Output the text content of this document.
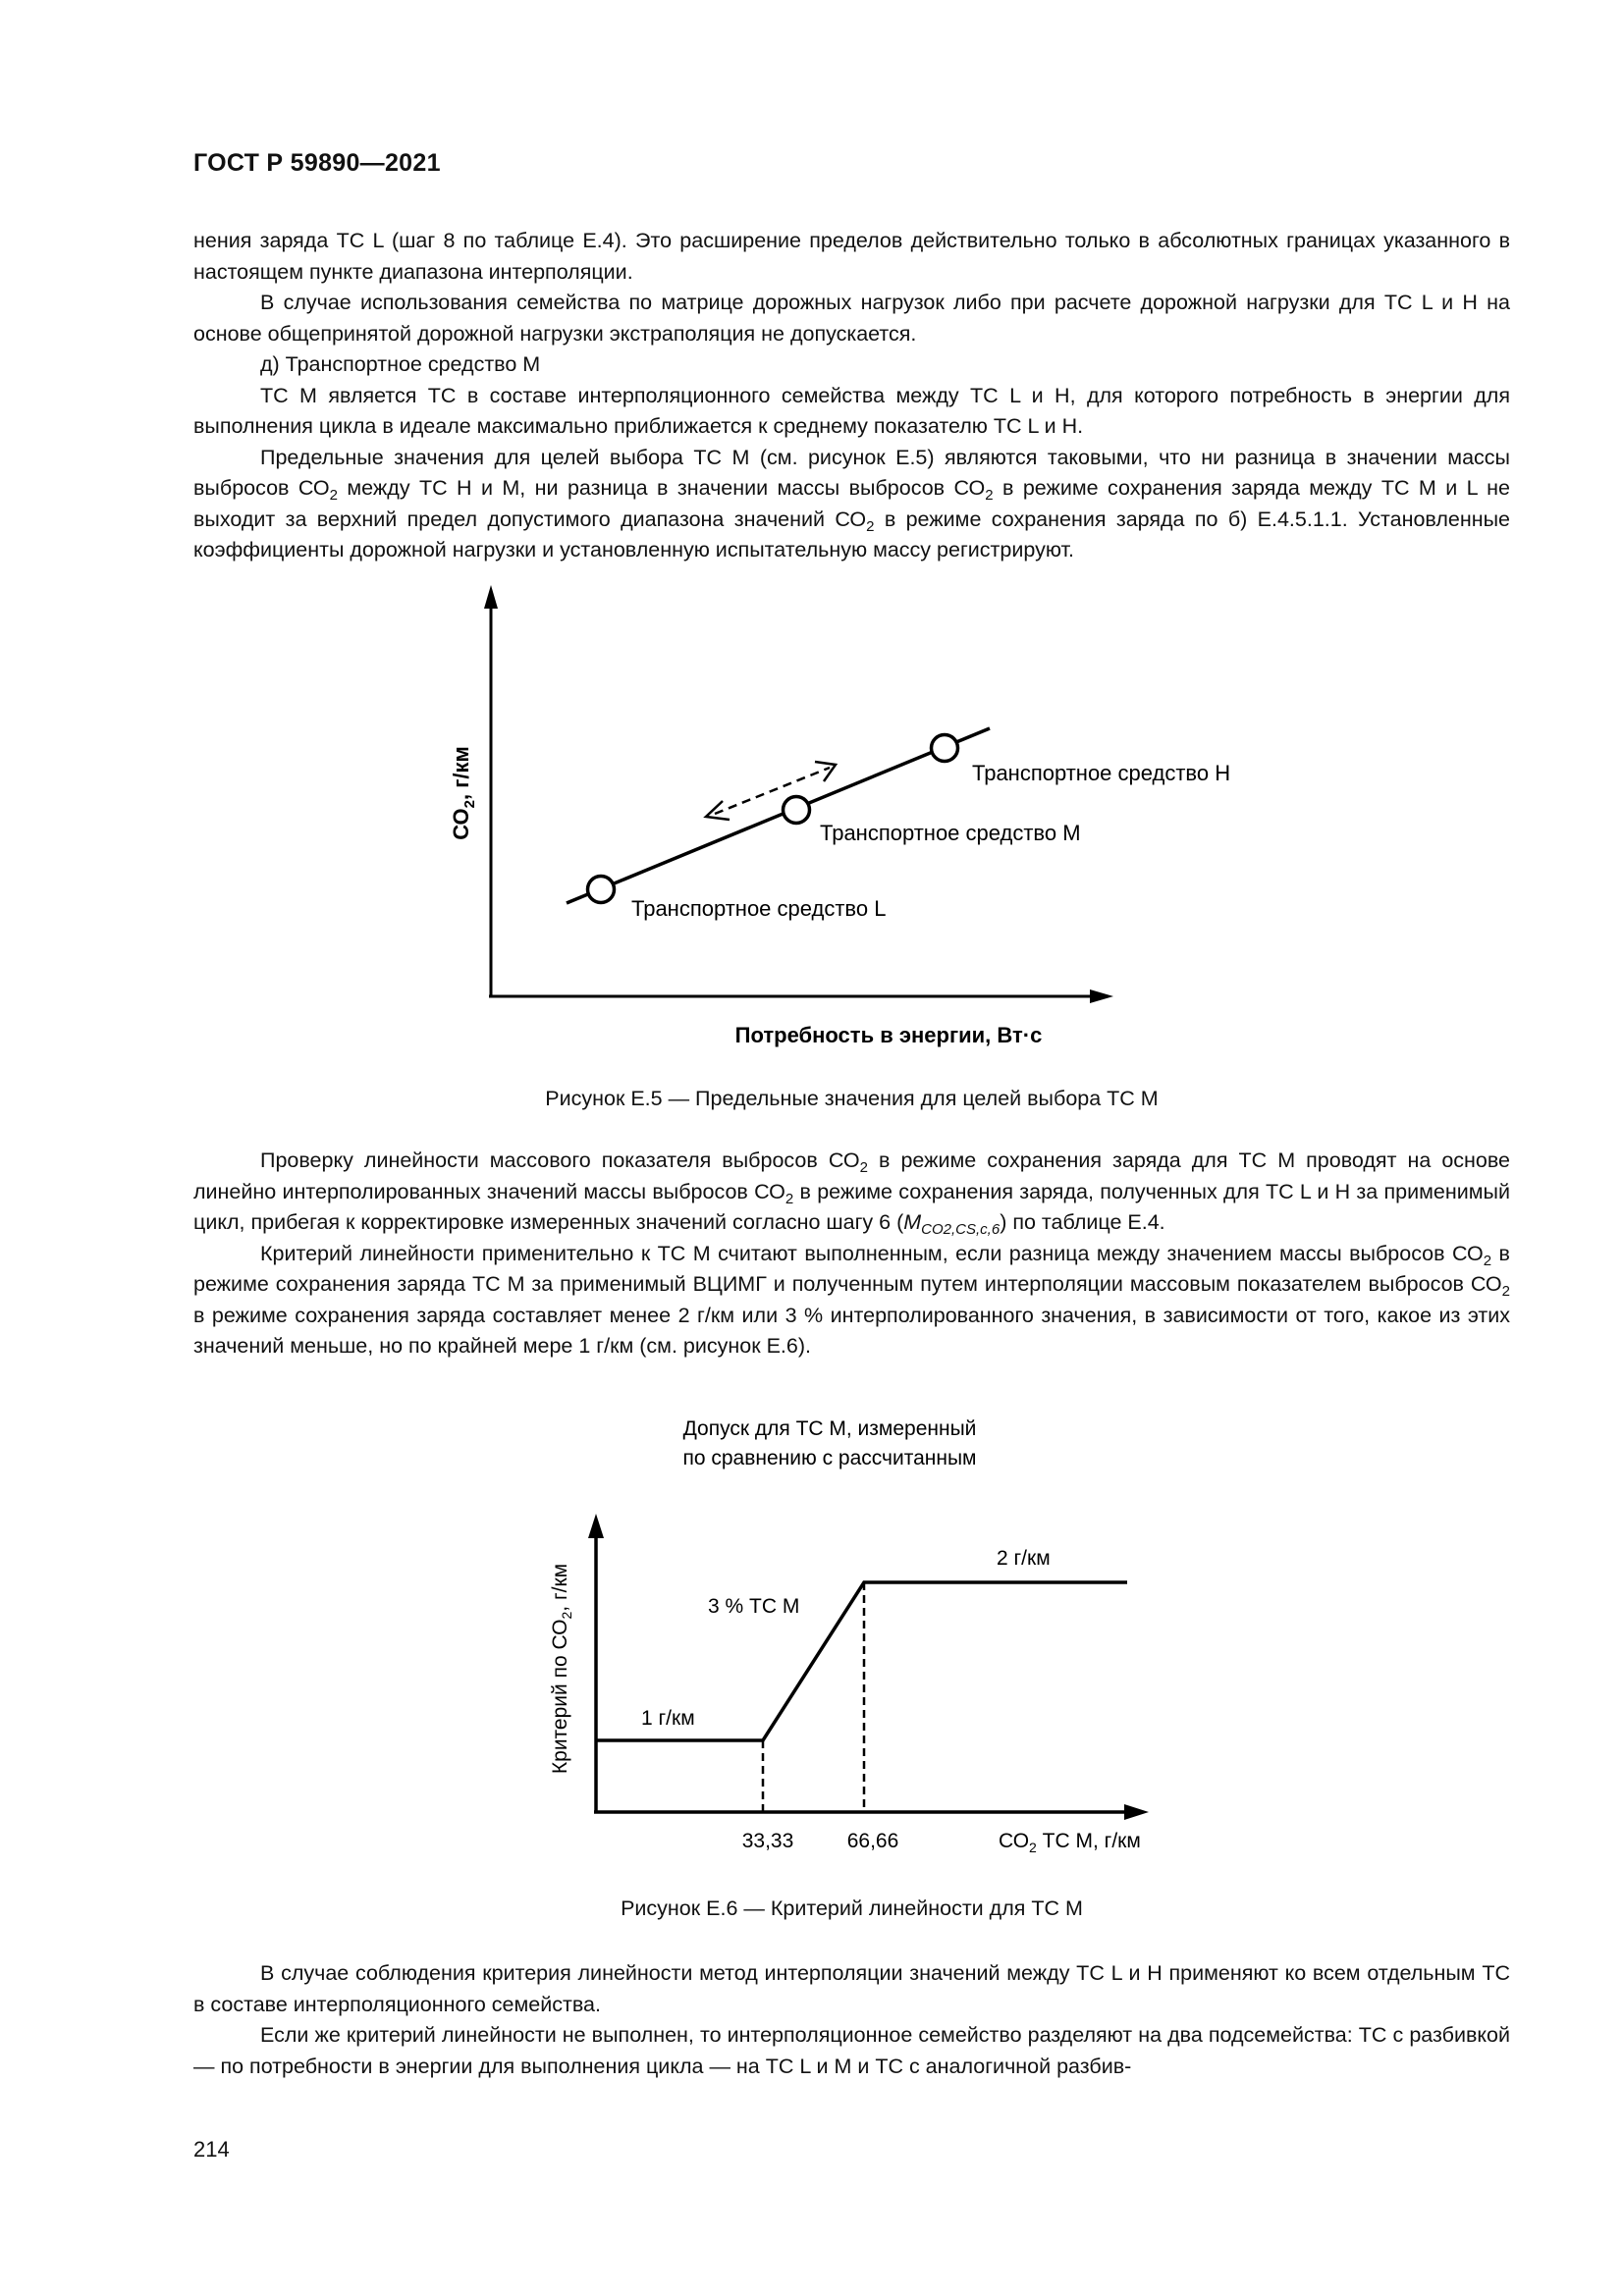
ГОСТ Р 59890—2021

нения заряда ТС L (шаг 8 по таблице Е.4). Это расширение пределов действительно только в абсолютных границах указанного в настоящем пункте диапазона интерполяции.

В случае использования семейства по матрице дорожных нагрузок либо при расчете дорожной нагрузки для ТС L и Н на основе общепринятой дорожной нагрузки экстраполяция не допускается.

д) Транспортное средство М

ТС М является ТС в составе интерполяционного семейства между ТС L и Н, для которого потребность в энергии для выполнения цикла в идеале максимально приближается к среднему показателю ТС L и Н.

Предельные значения для целей выбора ТС М (см. рисунок Е.5) являются таковыми, что ни разница в значении массы выбросов $СО_2$ между ТС Н и М, ни разница в значении массы выбросов $СО_2$ в режиме сохранения заряда между ТС М и L не выходит за верхний предел допустимого диапазона значений $СО_2$ в режиме сохранения заряда по б) Е.4.5.1.1. Установленные коэффициенты дорожной нагрузки и установленную испытательную массу регистрируют.

$СО_2$, г/км
Потребность в энергии, Вт·с
Транспортное средство Н
Транспортное средство М
Транспортное средство L
Рисунок Е.5 — Предельные значения для целей выбора ТС М

Проверку линейности массового показателя выбросов $СО_2$ в режиме сохранения заряда для ТС М проводят на основе линейно интерполированных значений массы выбросов $СО_2$ в режиме сохранения заряда, полученных для ТС L и Н за применимый цикл, прибегая к корректировке измеренных значений согласно шагу 6 $(M_{CO2,CS,c,6})$ по таблице Е.4.

Критерий линейности применительно к ТС М считают выполненным, если разница между значением массы выбросов $СО_2$ в режиме сохранения заряда ТС М за применимый ВЦИМГ и полученным путем интерполяции массовым показателем выбросов $СО_2$ в режиме сохранения заряда составляет менее 2 г/км или 3 % интерполированного значения, в зависимости от того, какое из этих значений меньше, но по крайней мере 1 г/км (см. рисунок Е.6).

Допуск для ТС М, измеренный
по сравнению с рассчитанным
Критерий по $СО_2$, г/км
1 г/км
3 % ТС М
2 г/км
33,33	66,66	$СО_2$ ТС М, г/км
Рисунок Е.6 — Критерий линейности для ТС М

В случае соблюдения критерия линейности метод интерполяции значений между ТС L и Н применяют ко всем отдельным ТС в составе интерполяционного семейства.

Если же критерий линейности не выполнен, то интерполяционное семейство разделяют на два подсемейства: ТС с разбивкой — по потребности в энергии для выполнения цикла — на ТС L и М и ТС с аналогичной разбив-

214
